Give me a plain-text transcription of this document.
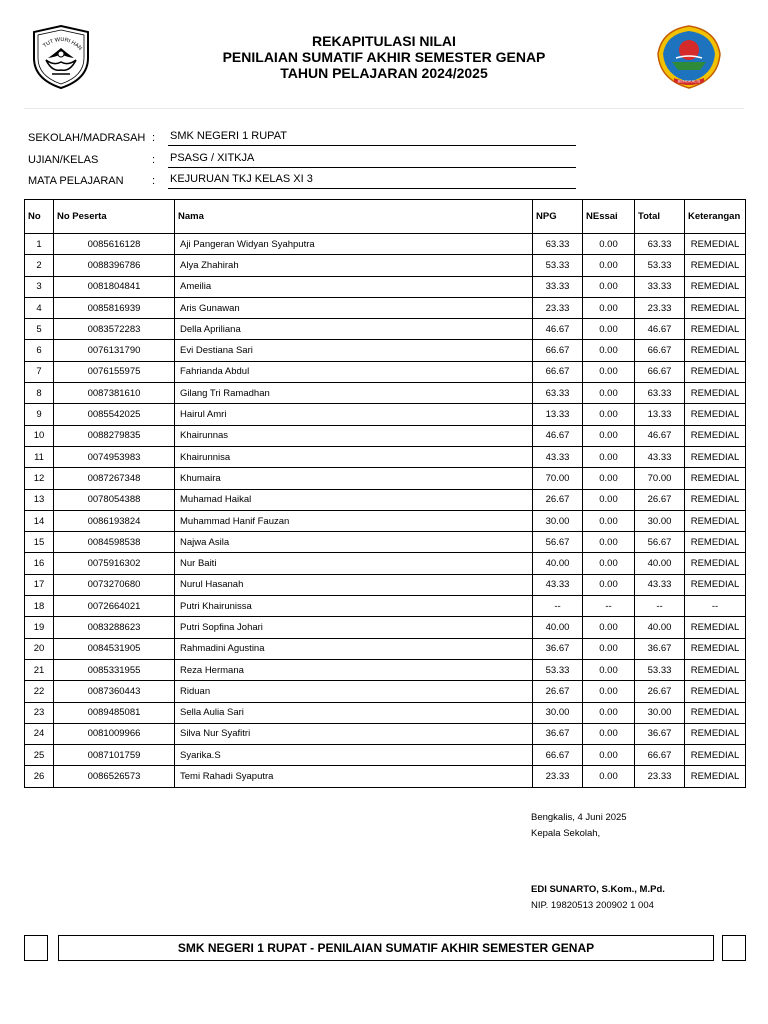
TUT WURI HAN	REKAPITULASI NILAI
PENILAIAN SUMATIF AKHIR SEMESTER GENAP
TAHUN PELAJARAN 2024/2025	BENGKALIS
SEKOLAH/MADRASAH : SMK NEGERI 1 RUPAT
UJIAN/KELAS	: PSASG / XITKJA
MATA PELAJARAN	: KEJURUAN TKJ KELAS XI 3
No	No Peserta	Nama	NPG	NEssai	Total	Keterangan
1	0085616128	Aji Pangeran Widyan Syahputra	63.33	0.00	63.33	REMEDIAL
2	0088396786	Alya Zhahirah	53.33	0.00	53.33	REMEDIAL
3	0081804841	Ameilia	33.33	0.00	33.33	REMEDIAL
4	0085816939	Aris Gunawan	23.33	0.00	23.33	REMEDIAL
5	0083572283	Della Apriliana	46.67	0.00	46.67	REMEDIAL
6	0076131790	Evi Destiana Sari	66.67	0.00	66.67	REMEDIAL
7	0076155975	Fahrianda Abdul	66.67	0.00	66.67	REMEDIAL
8	0087381610	Gilang Tri Ramadhan	63.33	0.00	63.33	REMEDIAL
9	0085542025	Hairul Amri	13.33	0.00	13.33	REMEDIAL
10	0088279835	Khairunnas	46.67	0.00	46.67	REMEDIAL
11	0074953983	Khairunnisa	43.33	0.00	43.33	REMEDIAL
12	0087267348	Khumaira	70.00	0.00	70.00	REMEDIAL
13	0078054388	Muhamad Haikal	26.67	0.00	26.67	REMEDIAL
14	0086193824	Muhammad Hanif Fauzan	30.00	0.00	30.00	REMEDIAL
15	0084598538	Najwa Asila	56.67	0.00	56.67	REMEDIAL
16	0075916302	Nur Baiti	40.00	0.00	40.00	REMEDIAL
17	0073270680	Nurul Hasanah	43.33	0.00	43.33	REMEDIAL
18	0072664021	Putri Khairunissa	--	--	--	--
19	0083288623	Putri Sopfina Johari	40.00	0.00	40.00	REMEDIAL
20	0084531905	Rahmadini Agustina	36.67	0.00	36.67	REMEDIAL
21	0085331955	Reza Hermana	53.33	0.00	53.33	REMEDIAL
22	0087360443	Riduan	26.67	0.00	26.67	REMEDIAL
23	0089485081	Sella Aulia Sari	30.00	0.00	30.00	REMEDIAL
24	0081009966	Silva Nur Syafitri	36.67	0.00	36.67	REMEDIAL
25	0087101759	Syarika.S	66.67	0.00	66.67	REMEDIAL
26	0086526573	Temi Rahadi Syaputra	23.33	0.00	23.33	REMEDIAL
Bengkalis, 4 Juni 2025
Kepala Sekolah,
EDI SUNARTO, S.Kom., M.Pd.
NIP. 19820513 200902 1 004
SMK NEGERI 1 RUPAT - PENILAIAN SUMATIF AKHIR SEMESTER GENAP
